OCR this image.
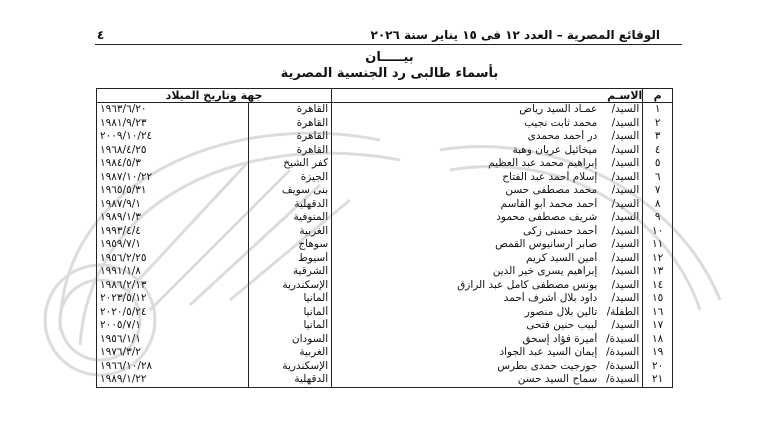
الوقائع المصرية – العدد ١٢ فى ١٥ يناير سنة ٢٠٢٦
٤
بيـــــان
بأسماء طالبى رد الجنسية المصرية
م	الاسـم	جهة وتاريخ الميلاد	
١	السيد/عمـاد السيد رياض	القاهرة	١٩٦٣/٦/٢٠
٢	السيد/محمد ثابت نجيب	القاهرة	١٩٨١/٩/٢٣
٣	السيد/در أحمد محمدى	القاهرة	٢٠٠٩/١٠/٢٤
٤	السيد/ميخائيل عريان وهبة	القاهرة	١٩٦٨/٤/٢٥
٥	السيد/إبراهيم محمد عبد العظيم	كفر الشيخ	١٩٨٤/٥/٣
٦	السيد/إسلام أحمد عبد الفتاح	الجيزة	١٩٨٧/١٠/٢٢
٧	السيد/محمد مصطفى حسن	بنى سويف	١٩٦٥/٥/٣١
٨	السيد/أحمد محمد أبو القاسم	الدقهلية	١٩٨٧/٩/١
٩	السيد/شريف مصطفى محمود	المنوفية	١٩٨٩/١/٣
١٠	السيد/أحمد حسنى زكى	الغربية	١٩٩٣/٤/٤
١١	السيد/صابر أرسانيوس القمص	سوهاج	١٩٥٩/٧/١
١٢	السيد/أمين السيد كريم	أسيوط	١٩٥٦/٢/٢٥
١٣	السيد/إبراهيم يسرى خير الدين	الشرقية	١٩٩١/١/٨
١٤	السيد/يونس مصطفى كامل عبد الرازق	الإسكندرية	١٩٨٦/٢/١٣
١٥	السيد/داود بلال أشرف أحمد	ألمانيا	٢٠٢٣/٥/١٢
١٦	الطفلة/تالين بلال منصور	ألمانيا	٢٠٢٠/٥/٢٤
١٧	السيد/لبيب حنين فتحى	ألمانيا	٢٠٠٥/٧/١
١٨	السيدة/أميرة فؤاد إسحق	السودان	١٩٥٦/١/١
١٩	السيدة/إيمان السيد عبد الجواد	الغربية	١٩٧٦/٣/٢
٢٠	السيدة/جورجيت حمدى بطرس	الإسكندرية	١٩٦٦/١٠/٢٨
٢١	السيدة/سماح السيد حسن	الدقهلية	١٩٨٩/١/٢٢
